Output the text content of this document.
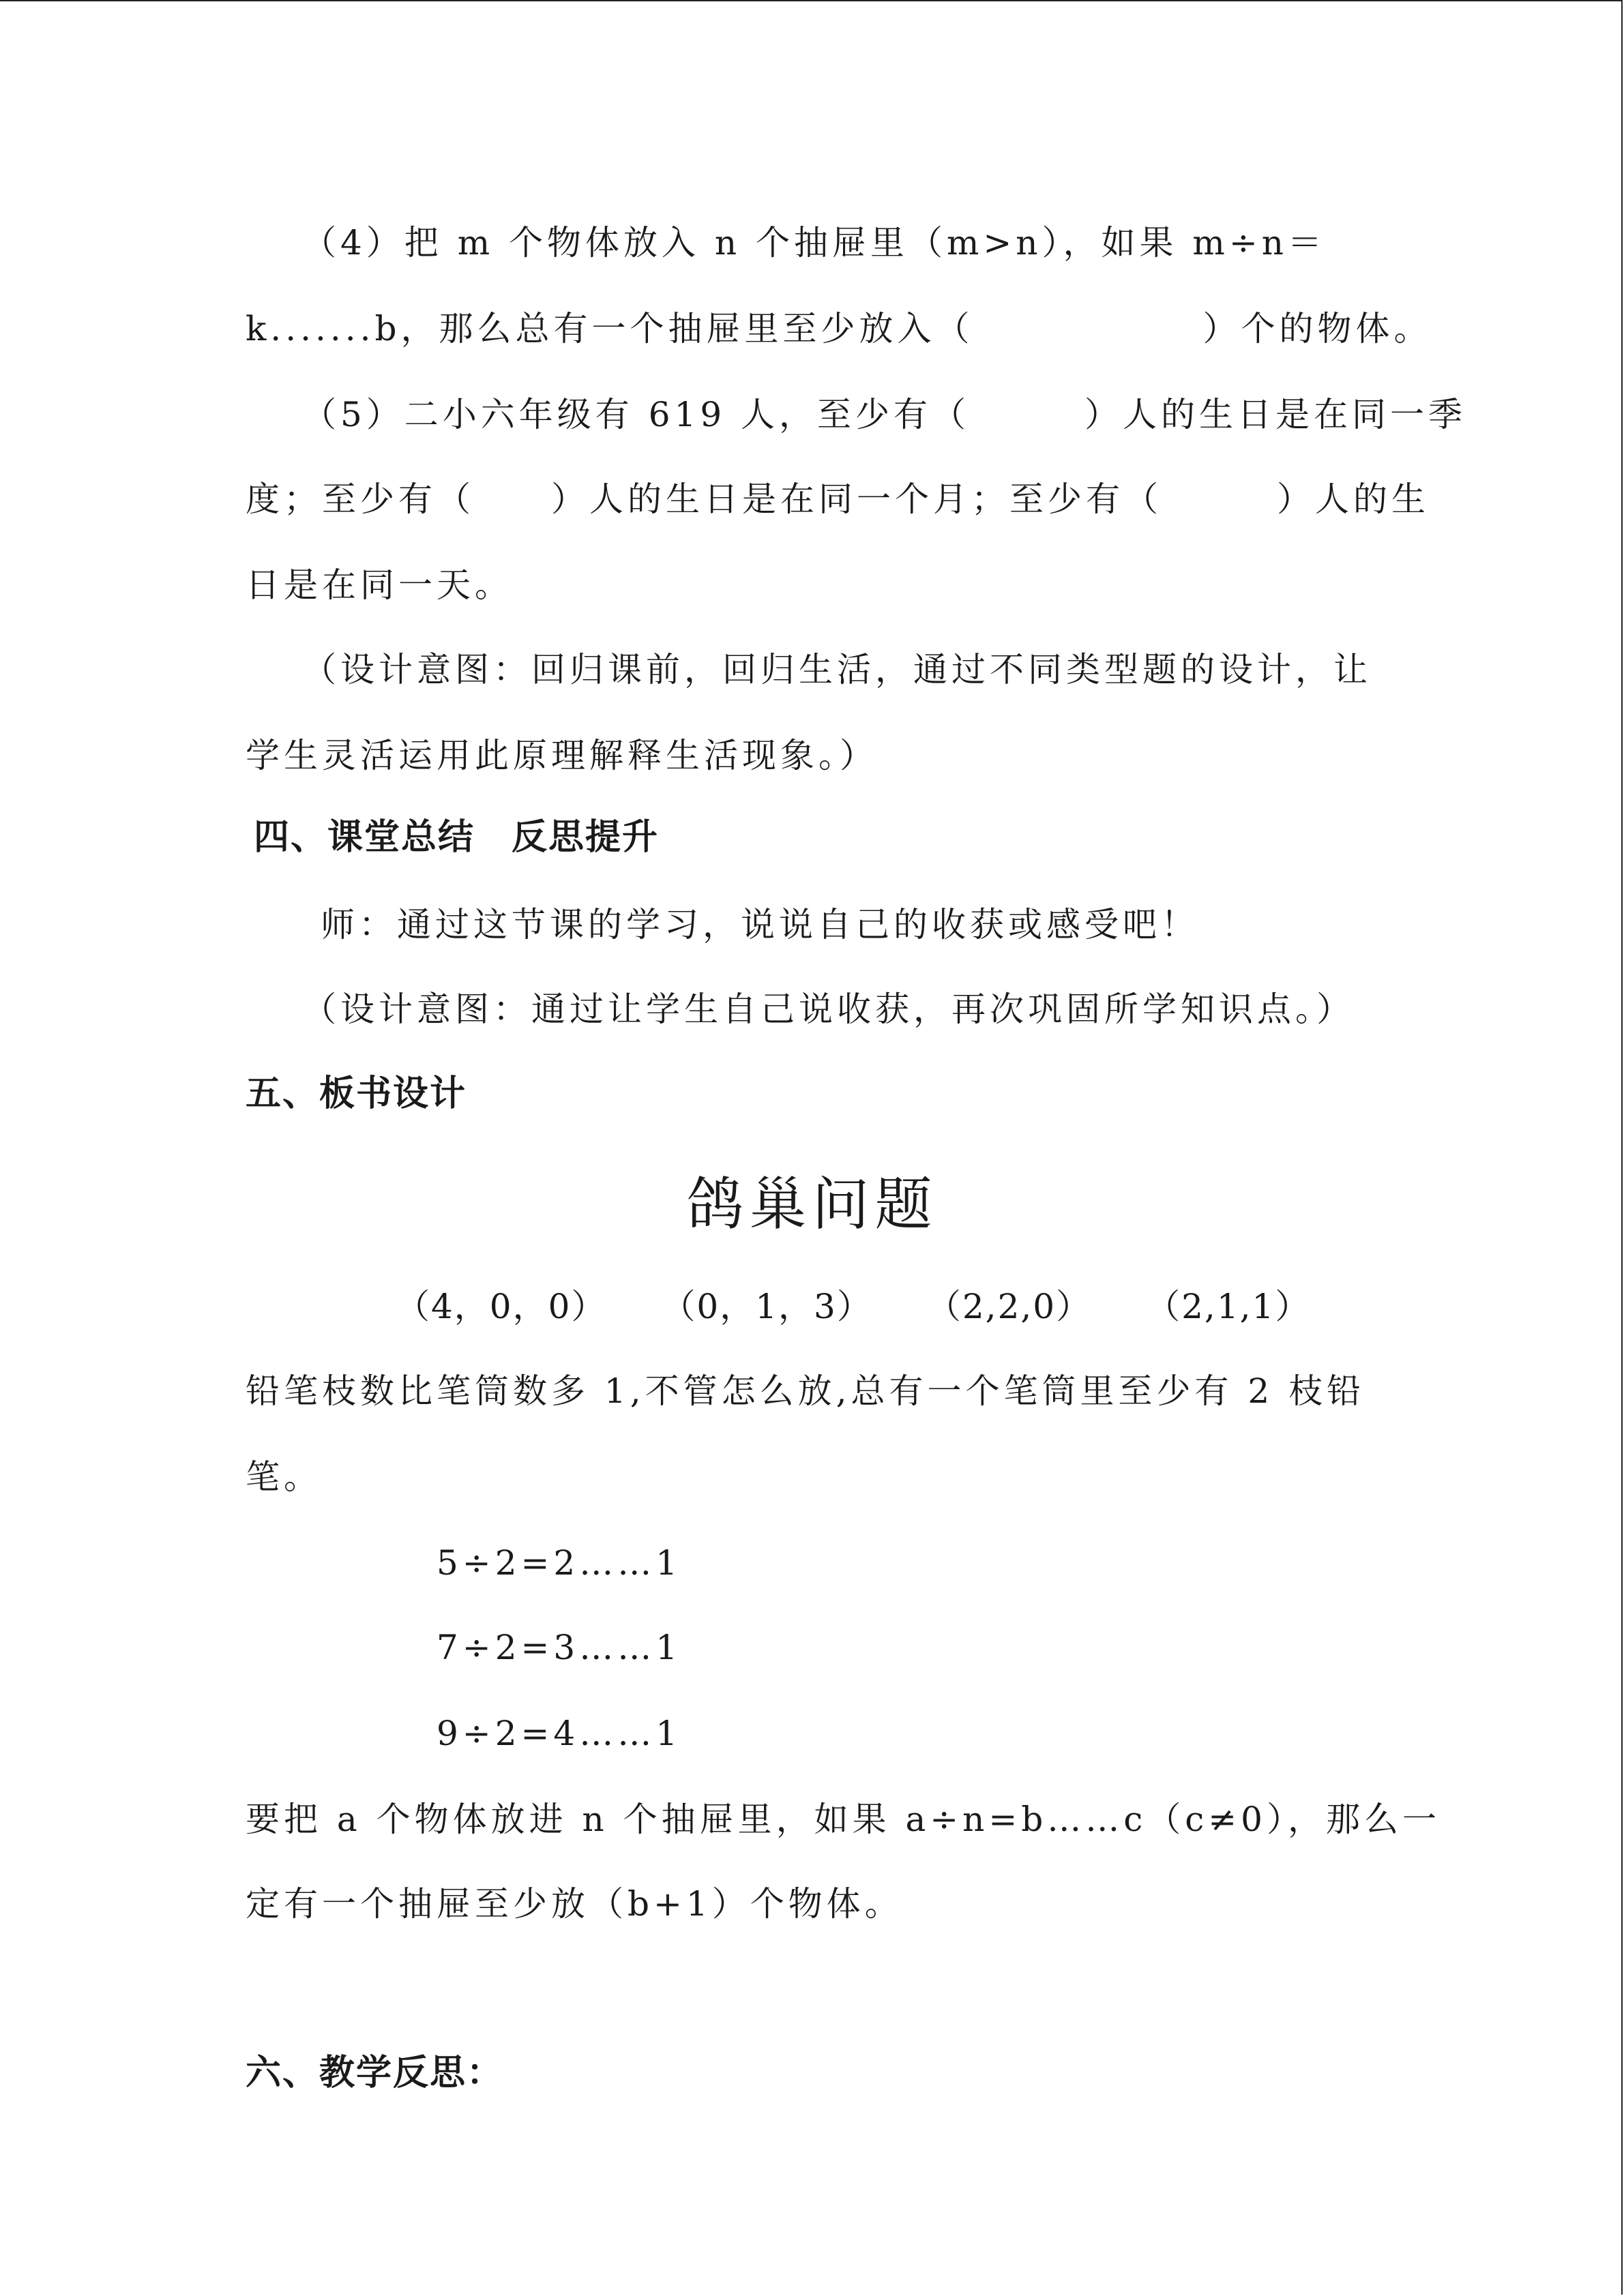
（4）把 m 个物体放入 n 个抽屉里（m>n），如果 m÷n＝
k.......b，那么总有一个抽屉里至少放入（　　　　　　）个的物体。
（5）二小六年级有 619 人，至少有（　　　）人的生日是在同一季
度；至少有（　　）人的生日是在同一个月；至少有（　　　）人的生
日是在同一天。
（设计意图：回归课前，回归生活，通过不同类型题的设计，让
学生灵活运用此原理解释生活现象。）
四、课堂总结　反思提升
师：通过这节课的学习，说说自己的收获或感受吧！
（设计意图：通过让学生自己说收获，再次巩固所学知识点。）
五、板书设计
鸽巢问题
（4，0，0） （0，1，3） （2,2,0） （2,1,1）
铅笔枝数比笔筒数多 1,不管怎么放,总有一个笔筒里至少有 2 枝铅
笔。
5÷2=2……1
7÷2=3……1
9÷2=4……1
要把 a 个物体放进 n 个抽屉里，如果 a÷n=b……c（c≠0），那么一
定有一个抽屉至少放（b+1）个物体。
六、教学反思：
